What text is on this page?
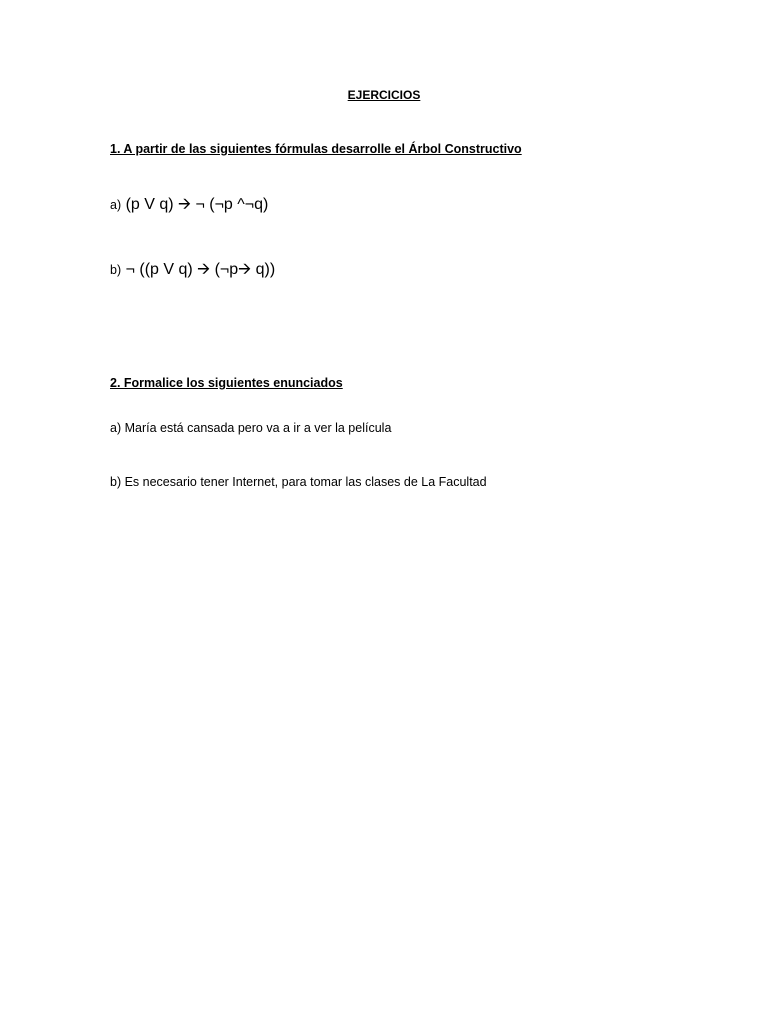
EJERCICIOS
1. A partir de las siguientes fórmulas desarrolle el Árbol Constructivo
a) (p V q) 🡪 ¬ (¬p ^¬q)
b) ¬ ((p V q) 🡪 (¬p🡪 q))
2. Formalice los siguientes enunciados
a) María está cansada pero va a ir a ver la película
b) Es necesario tener Internet, para tomar las clases de La Facultad
